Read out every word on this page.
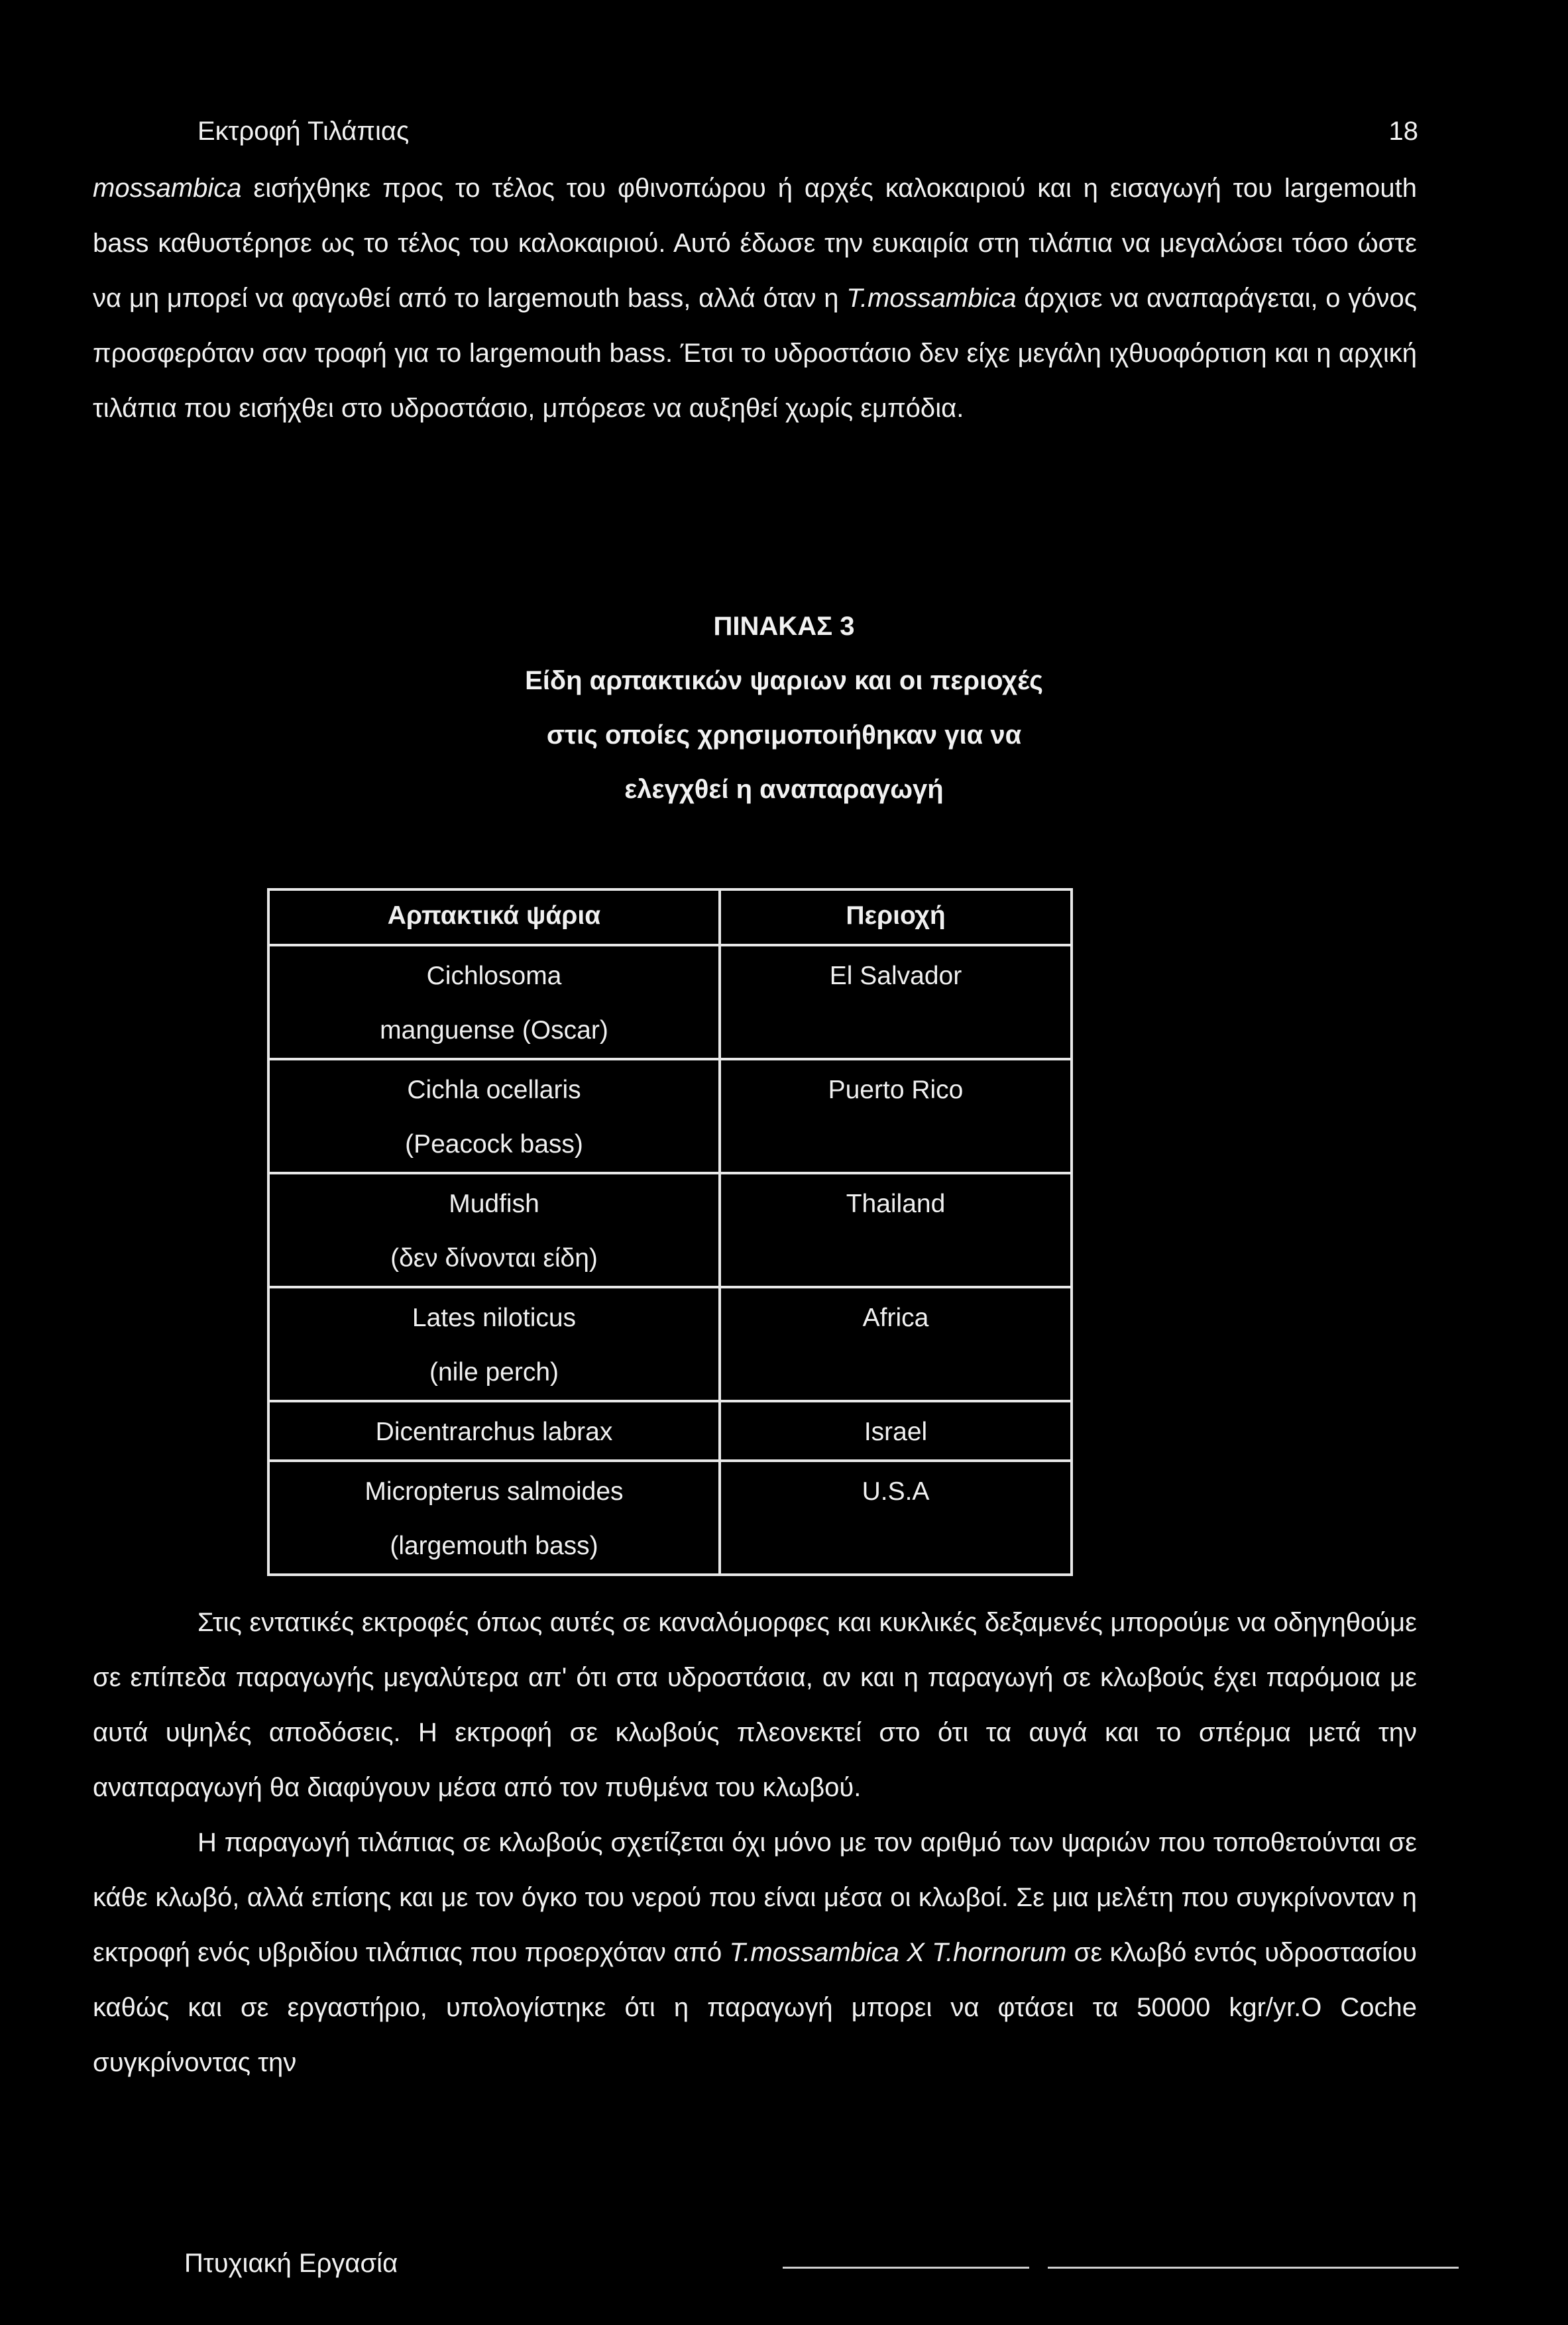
Εκτροφή Τιλάπιας	18

mossambica εισήχθηκε προς το τέλος του φθινοπώρου ή αρχές καλοκαιριού και η εισαγωγή του largemouth bass καθυστέρησε ως το τέλος του καλοκαιριού. Αυτό έδωσε την ευκαιρία στη τιλάπια να μεγαλώσει τόσο ώστε να μη μπορεί να φαγωθεί από το largemouth bass, αλλά όταν η T.mossambica άρχισε να αναπαράγεται, ο γόνος προσφερόταν σαν τροφή για το largemouth bass. Έτσι το υδροστάσιο δεν είχε μεγάλη ιχθυοφόρτιση και η αρχική τιλάπια που εισήχθει στο υδροστάσιο, μπόρεσε να αυξηθεί χωρίς εμπόδια.

ΠΙΝΑΚΑΣ 3
Είδη αρπακτικών ψαριων και οι περιοχές
στις οποίες χρησιμοποιήθηκαν για να
ελεγχθεί η αναπαραγωγή
Αρπακτικά ψάρια	Περιοχή

Cichlosoma
manguense (Oscar)	El Salvador

Cichla ocellaris
(Peacock bass)	Puerto Rico

Mudfish
(δεν δίνονται είδη)	Thailand

Lates niloticus
(nile perch)	Africa

Dicentrarchus labrax	Israel

Micropterus salmoides
(largemouth bass)	U.S.A

Στις εντατικές εκτροφές όπως αυτές σε καναλόμορφες και κυκλικές δεξαμενές μπορούμε να οδηγηθούμε σε επίπεδα παραγωγής μεγαλύτερα απ' ότι στα υδροστάσια, αν και η παραγωγή σε κλωβούς έχει παρόμοια με αυτά υψηλές αποδόσεις. Η εκτροφή σε κλωβούς πλεονεκτεί στο ότι τα αυγά και το σπέρμα μετά την αναπαραγωγή θα διαφύγουν μέσα από τον πυθμένα του κλωβού.

Η παραγωγή τιλάπιας σε κλωβούς σχετίζεται όχι μόνο με τον αριθμό των ψαριών που τοποθετούνται σε κάθε κλωβό, αλλά επίσης και με τον όγκο του νερού που είναι μέσα οι κλωβοί. Σε μια μελέτη που συγκρίνονταν η εκτροφή ενός υβριδίου τιλάπιας που προερχόταν από T.mossambica X T.hornorum σε κλωβό εντός υδροστασίου καθώς και σε εργαστήριο, υπολογίστηκε ότι η παραγωγή μπορει να φτάσει τα 50000 kgr/yr.Ο Coche συγκρίνοντας την

Πτυχιακή Εργασία
